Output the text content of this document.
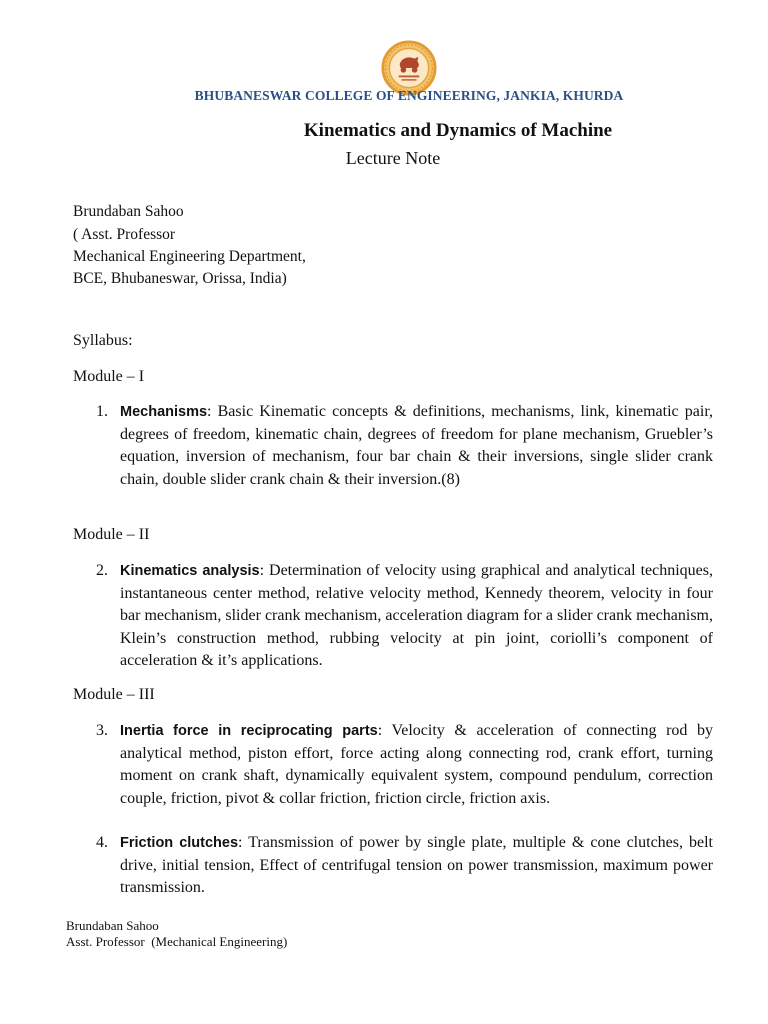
BHUBANESWAR COLLEGE OF ENGINEERING, JANKIA, KHURDA
Kinematics and Dynamics of Machine
Lecture Note
Brundaban Sahoo
( Asst. Professor
Mechanical Engineering Department,
BCE, Bhubaneswar, Orissa, India)
Syllabus:
Module – I
1. Mechanisms: Basic Kinematic concepts & definitions, mechanisms, link, kinematic pair, degrees of freedom, kinematic chain, degrees of freedom for plane mechanism, Gruebler’s equation, inversion of mechanism, four bar chain & their inversions, single slider crank chain, double slider crank chain & their inversion.(8)
Module – II
2. Kinematics analysis: Determination of velocity using graphical and analytical techniques, instantaneous center method, relative velocity method, Kennedy theorem, velocity in four bar mechanism, slider crank mechanism, acceleration diagram for a slider crank mechanism, Klein’s construction method, rubbing velocity at pin joint, coriolli’s component of acceleration & it’s applications.
Module – III
3. Inertia force in reciprocating parts: Velocity & acceleration of connecting rod by analytical method, piston effort, force acting along connecting rod, crank effort, turning moment on crank shaft, dynamically equivalent system, compound pendulum, correction couple, friction, pivot & collar friction, friction circle, friction axis.
4. Friction clutches: Transmission of power by single plate, multiple & cone clutches, belt drive, initial tension, Effect of centrifugal tension on power transmission, maximum power transmission.
Brundaban Sahoo
Asst. Professor  (Mechanical Engineering)
